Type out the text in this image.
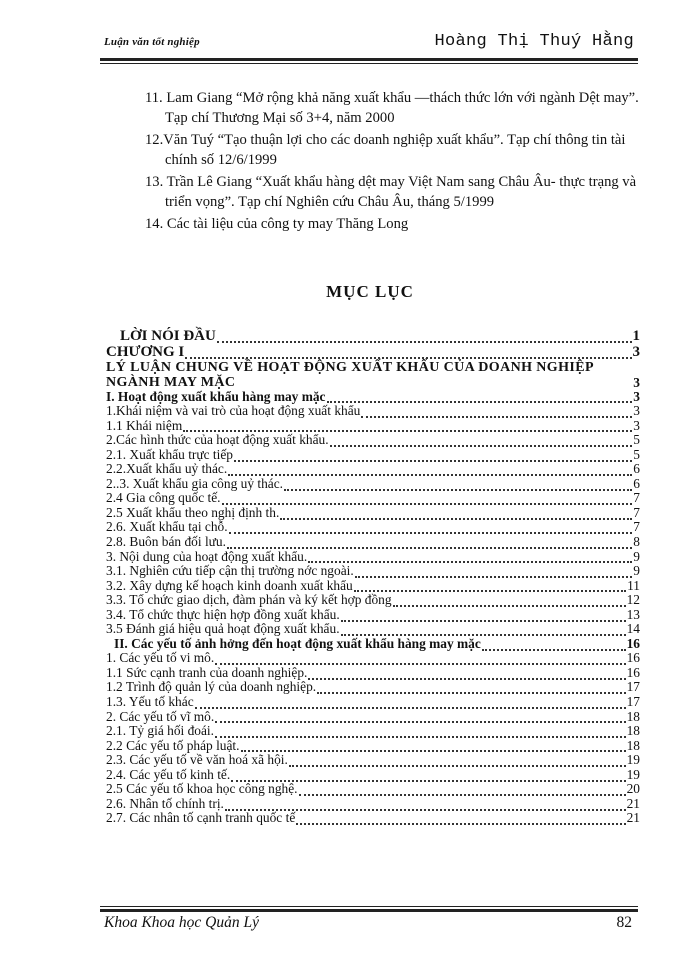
Luận văn tốt nghiệp	Hoàng Thị Thuý Hằng

11. Lam Giang “Mở rộng khả năng xuất khẩu —thách thức lớn với ngành Dệt may”. Tạp chí Thương Mại số 3+4, năm 2000

12.Văn Tuý “Tạo thuận lợi cho các doanh nghiệp xuất khẩu”. Tạp chí thông tin tài chính số 12/6/1999

13. Trần Lê Giang “Xuất khẩu hàng dệt may Việt Nam sang Châu Âu- thực trạng và triển vọng”. Tạp chí Nghiên cứu Châu Âu, tháng 5/1999

14. Các tài liệu của công ty may Thăng Long

MỤC LỤC
LỜI NÓI ĐẦU	1
CHƯƠNG I	3
LÝ LUẬN CHUNG VỀ HOẠT ĐỘNG XUẤT KHẨU CỦA DOANH NGHIỆP NGÀNH MAY MẶC	3
I. Hoạt động xuất khẩu hàng may mặc	3
1.Khái niệm và vai trò của hoạt động xuất khẩu	3
1.1 Khái niệm	3
2.Các hình thức của hoạt động xuất khẩu.	5
2.1. Xuất khẩu trực tiếp	5
2.2.Xuất khẩu uỷ thác.	6
2..3. Xuất khẩu gia công uỷ thác.	6
2.4 Gia công quốc tế.	7
2.5 Xuất khẩu theo nghị định th.	7
2.6. Xuất khẩu tại chỗ.	7
2.8. Buôn bán đối lưu.	8
3. Nội dung của hoạt động xuất khẩu.	9
3.1. Nghiên cứu tiếp cận thị trường nớc ngoài.	9
3.2. Xây dựng kế hoạch kinh doanh xuất khẩu	11
3.3. Tổ chức giao dịch, đàm phán và ký kết hợp đồng	12
3.4. Tổ chức thực hiện hợp đồng xuất khẩu.	13
3.5 Đánh giá hiệu quả hoạt động xuất khẩu.	14
II. Các yếu tố ảnh hởng đến hoạt động xuất khẩu hàng may mặc	16
1. Các yếu tố vi mô.	16
1.1 Sức cạnh tranh của doanh nghiệp.	16
1.2 Trình độ quản lý của doanh nghiệp.	17
1.3. Yếu tố khác	17
2. Các yếu tố vĩ mô.	18
2.1. Tỷ giá hối đoái.	18
2.2 Các yếu tố pháp luật.	18
2.3. Các yếu tố về văn hoá xã hội.	19
2.4. Các yếu tố kinh tế.	19
2.5 Các yếu tố khoa học công nghệ.	20
2.6. Nhân tố chính trị.	21
2.7. Các nhân tố cạnh tranh quốc tế	21
Khoa Khoa học Quản Lý	82
